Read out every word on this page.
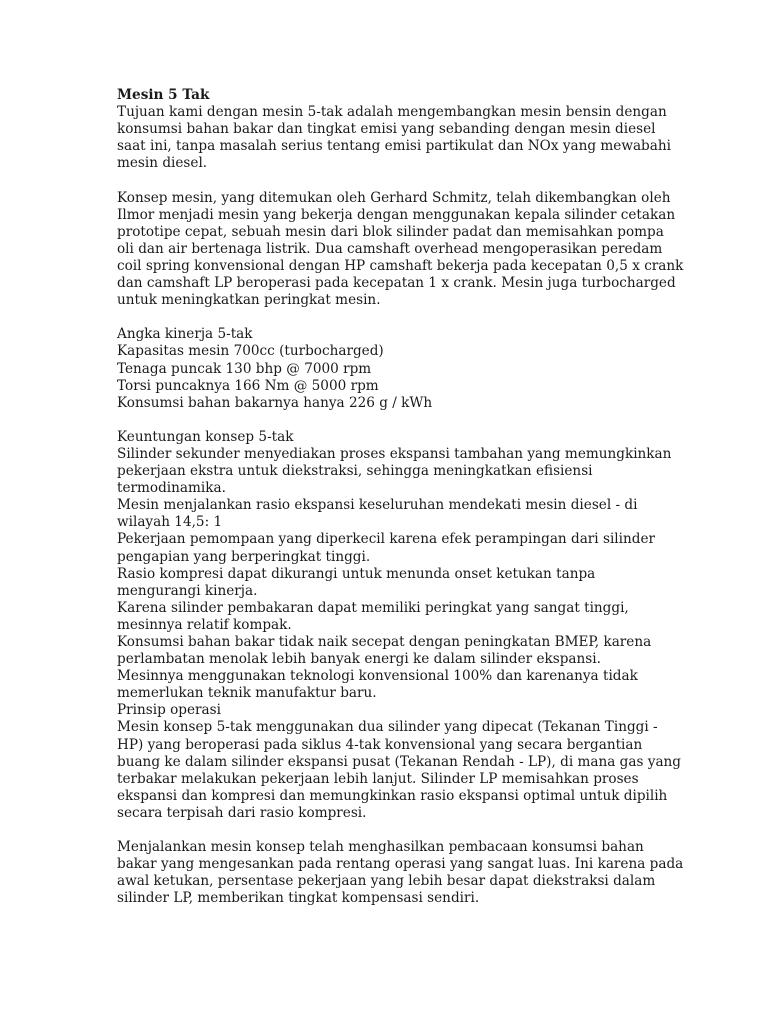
Mesin 5 Tak
Tujuan kami dengan mesin 5-tak adalah mengembangkan mesin bensin dengan
konsumsi bahan bakar dan tingkat emisi yang sebanding dengan mesin diesel
saat ini, tanpa masalah serius tentang emisi partikulat dan NOx yang mewabahi
mesin diesel.
Konsep mesin, yang ditemukan oleh Gerhard Schmitz, telah dikembangkan oleh
Ilmor menjadi mesin yang bekerja dengan menggunakan kepala silinder cetakan
prototipe cepat, sebuah mesin dari blok silinder padat dan memisahkan pompa
oli dan air bertenaga listrik. Dua camshaft overhead mengoperasikan peredam
coil spring konvensional dengan HP camshaft bekerja pada kecepatan 0,5 x crank
dan camshaft LP beroperasi pada kecepatan 1 x crank. Mesin juga turbocharged
untuk meningkatkan peringkat mesin.
Angka kinerja 5-tak
Kapasitas mesin 700cc (turbocharged)
Tenaga puncak 130 bhp @ 7000 rpm
Torsi puncaknya 166 Nm @ 5000 rpm
Konsumsi bahan bakarnya hanya 226 g / kWh
Keuntungan konsep 5-tak
Silinder sekunder menyediakan proses ekspansi tambahan yang memungkinkan
pekerjaan ekstra untuk diekstraksi, sehingga meningkatkan efisiensi
termodinamika.
Mesin menjalankan rasio ekspansi keseluruhan mendekati mesin diesel - di
wilayah 14,5: 1
Pekerjaan pemompaan yang diperkecil karena efek perampingan dari silinder
pengapian yang berperingkat tinggi.
Rasio kompresi dapat dikurangi untuk menunda onset ketukan tanpa
mengurangi kinerja.
Karena silinder pembakaran dapat memiliki peringkat yang sangat tinggi,
mesinnya relatif kompak.
Konsumsi bahan bakar tidak naik secepat dengan peningkatan BMEP, karena
perlambatan menolak lebih banyak energi ke dalam silinder ekspansi.
Mesinnya menggunakan teknologi konvensional 100% dan karenanya tidak
memerlukan teknik manufaktur baru.
Prinsip operasi
Mesin konsep 5-tak menggunakan dua silinder yang dipecat (Tekanan Tinggi -
HP) yang beroperasi pada siklus 4-tak konvensional yang secara bergantian
buang ke dalam silinder ekspansi pusat (Tekanan Rendah - LP), di mana gas yang
terbakar melakukan pekerjaan lebih lanjut. Silinder LP memisahkan proses
ekspansi dan kompresi dan memungkinkan rasio ekspansi optimal untuk dipilih
secara terpisah dari rasio kompresi.
Menjalankan mesin konsep telah menghasilkan pembacaan konsumsi bahan
bakar yang mengesankan pada rentang operasi yang sangat luas. Ini karena pada
awal ketukan, persentase pekerjaan yang lebih besar dapat diekstraksi dalam
silinder LP, memberikan tingkat kompensasi sendiri.
